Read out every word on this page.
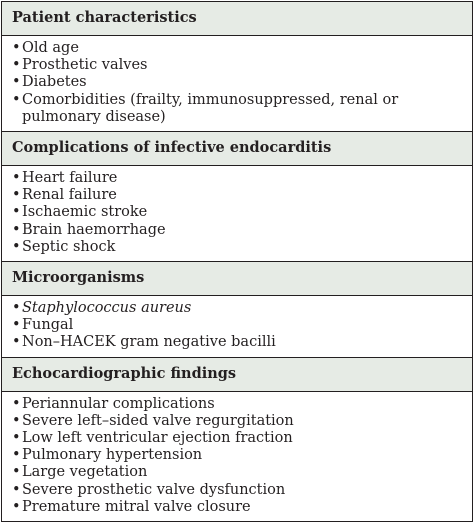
Patient characteristics
•Old age
•Prosthetic valves
•Diabetes
•Comorbidities (frailty, immunosuppressed, renal or pulmonary disease)
Complications of infective endocarditis
•Heart failure
•Renal failure
•Ischaemic stroke
•Brain haemorrhage
•Septic shock
Microorganisms
•Staphylococcus aureus
•Fungal
•Non–HACEK gram negative bacilli
Echocardiographic findings
•Periannular complications
•Severe left–sided valve regurgitation
•Low left ventricular ejection fraction
•Pulmonary hypertension
•Large vegetation
•Severe prosthetic valve dysfunction
•Premature mitral valve closure
